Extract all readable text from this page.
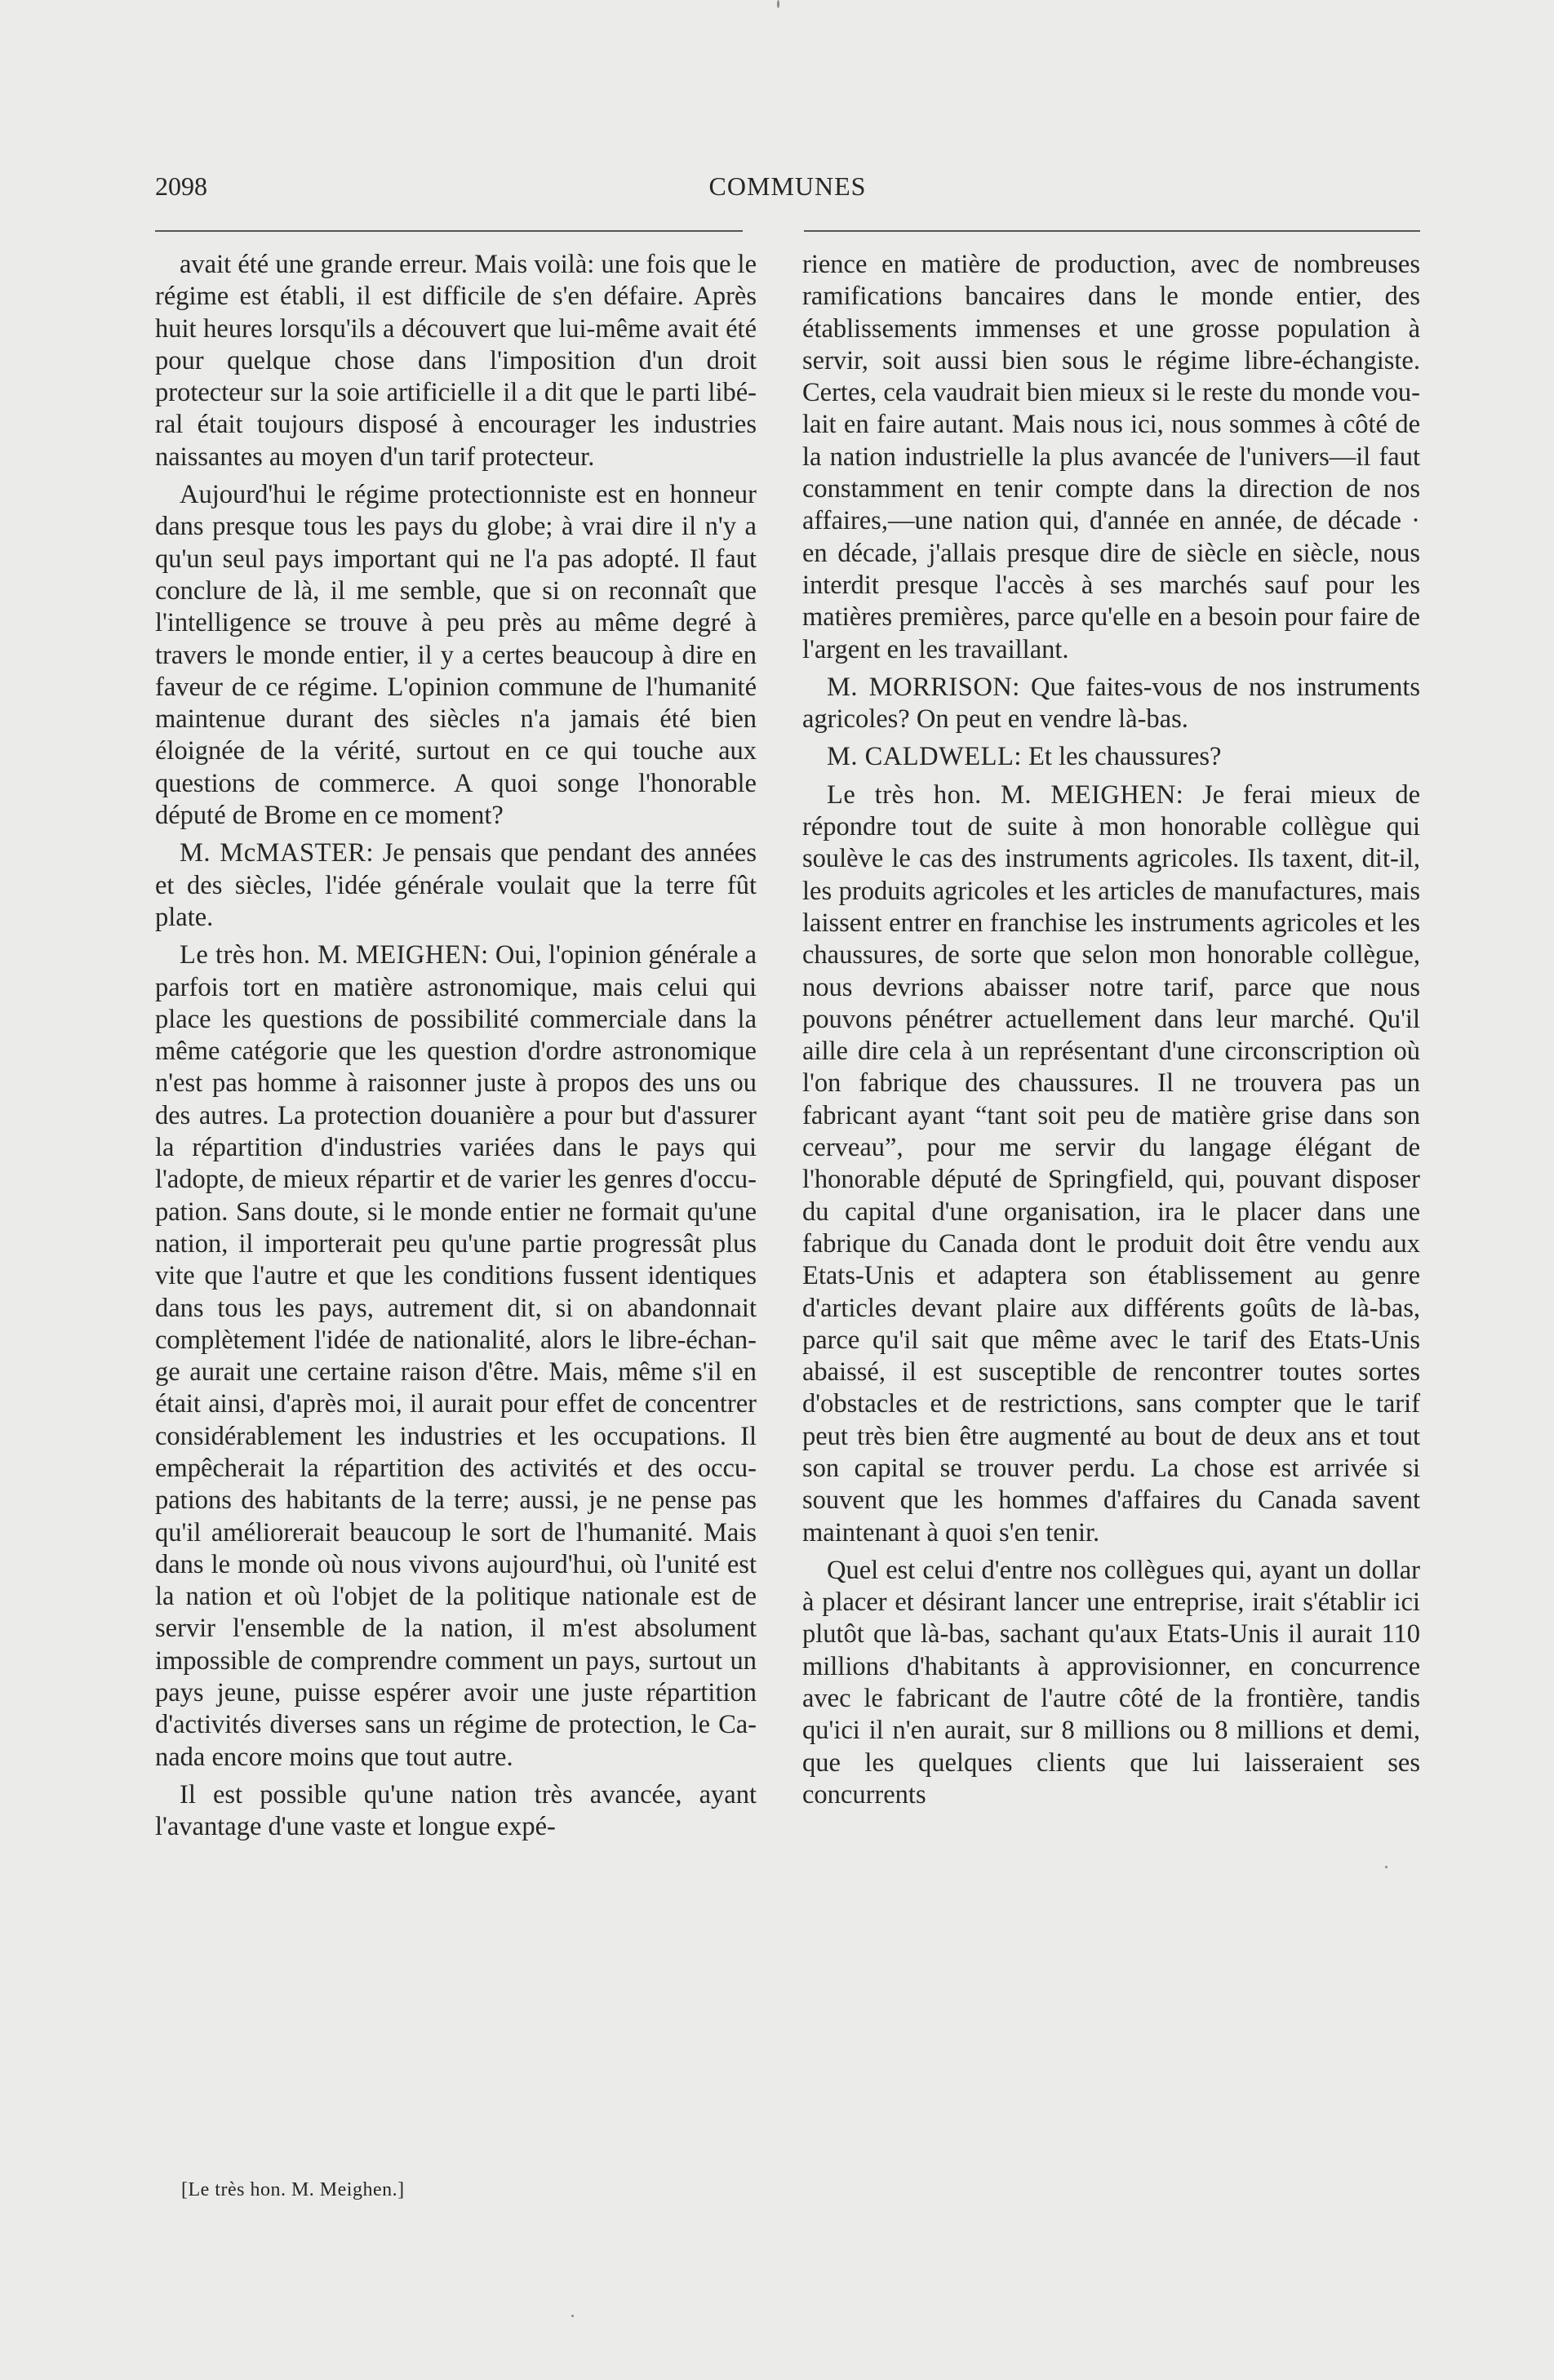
2098	COMMUNES

avait été une grande erreur. Mais voilà: une fois que le régime est établi, il est difficile de s'en défaire. Après huit heures lorsqu'ils a découvert que lui-même avait été pour quelque chose dans l'imposition d'un droit protecteur sur la soie artificielle il a dit que le parti libéral était toujours disposé à encourager les industries naissantes au moyen d'un tarif protecteur.

Aujourd'hui le régime protectionniste est en honneur dans presque tous les pays du globe; à vrai dire il n'y a qu'un seul pays important qui ne l'a pas adopté. Il faut conclure de là, il me semble, que si on reconnaît que l'intelligence se trouve à peu près au même degré à travers le monde entier, il y a certes beaucoup à dire en faveur de ce régime. L'opinion commune de l'humanité maintenue durant des siècles n'a jamais été bien éloignée de la vérité, surtout en ce qui touche aux questions de commerce. A quoi songe l'honorable député de Brome en ce moment?

M. McMASTER: Je pensais que pendant des années et des siècles, l'idée générale voulait que la terre fût plate.

Le très hon. M. MEIGHEN: Oui, l'opinion générale a parfois tort en matière astronomique, mais celui qui place les questions de possibilité commerciale dans la même catégorie que les question d'ordre astronomique n'est pas homme à raisonner juste à propos des uns ou des autres. La protection douanière a pour but d'assurer la répartition d'industries variées dans le pays qui l'adopte, de mieux répartir et de varier les genres d'occupation. Sans doute, si le monde entier ne formait qu'une nation, il importerait peu qu'une partie progressât plus vite que l'autre et que les conditions fussent identiques dans tous les pays, autrement dit, si on abandonnait complètement l'idée de nationalité, alors le libre-échange aurait une certaine raison d'être. Mais, même s'il en était ainsi, d'après moi, il aurait pour effet de concentrer considérablement les industries et les occupations. Il empêcherait la répartition des activités et des occupations des habitants de la terre; aussi, je ne pense pas qu'il améliorerait beaucoup le sort de l'humanité. Mais dans le monde où nous vivons aujourd'hui, où l'unité est la nation et où l'objet de la politique nationale est de servir l'ensemble de la nation, il m'est absolument impossible de comprendre comment un pays, surtout un pays jeune, puisse espérer avoir une juste répartition d'activités diverses sans un régime de protection, le Canada encore moins que tout autre.

Il est possible qu'une nation très avancée, ayant l'avantage d'une vaste et longue expé-

rience en matière de production, avec de nombreuses ramifications bancaires dans le monde entier, des établissements immenses et une grosse population à servir, soit aussi bien sous le régime libre-échangiste. Certes, cela vaudrait bien mieux si le reste du monde voulait en faire autant. Mais nous ici, nous sommes à côté de la nation industrielle la plus avancée de l'univers—il faut constamment en tenir compte dans la direction de nos affaires,—une nation qui, d'année en année, de décade · en décade, j'allais presque dire de siècle en siècle, nous interdit presque l'accès à ses marchés sauf pour les matières premières, parce qu'elle en a besoin pour faire de l'argent en les travaillant.

M. MORRISON: Que faites-vous de nos instruments agricoles? On peut en vendre là-bas.

M. CALDWELL: Et les chaussures?

Le très hon. M. MEIGHEN: Je ferai mieux de répondre tout de suite à mon honorable collègue qui soulève le cas des instruments agricoles. Ils taxent, dit-il, les produits agricoles et les articles de manufactures, mais laissent entrer en franchise les instruments agricoles et les chaussures, de sorte que selon mon honorable collègue, nous devrions abaisser notre tarif, parce que nous pouvons pénétrer actuellement dans leur marché. Qu'il aille dire cela à un représentant d'une circonscription où l'on fabrique des chaussures. Il ne trouvera pas un fabricant ayant “tant soit peu de matière grise dans son cerveau”, pour me servir du langage élégant de l'honorable député de Springfield, qui, pouvant disposer du capital d'une organisation, ira le placer dans une fabrique du Canada dont le produit doit être vendu aux Etats-Unis et adaptera son établissement au genre d'articles devant plaire aux différents goûts de là-bas, parce qu'il sait que même avec le tarif des Etats-Unis abaissé, il est susceptible de rencontrer toutes sortes d'obstacles et de restrictions, sans compter que le tarif peut très bien être augmenté au bout de deux ans et tout son capital se trouver perdu. La chose est arrivée si souvent que les hommes d'affaires du Canada savent maintenant à quoi s'en tenir.

Quel est celui d'entre nos collègues qui, ayant un dollar à placer et désirant lancer une entreprise, irait s'établir ici plutôt que là-bas, sachant qu'aux Etats-Unis il aurait 110 millions d'habitants à approvisionner, en concurrence avec le fabricant de l'autre côté de la frontière, tandis qu'ici il n'en aurait, sur 8 millions ou 8 millions et demi, que les quelques clients que lui laisseraient ses concurrents

[Le très hon. M. Meighen.]
